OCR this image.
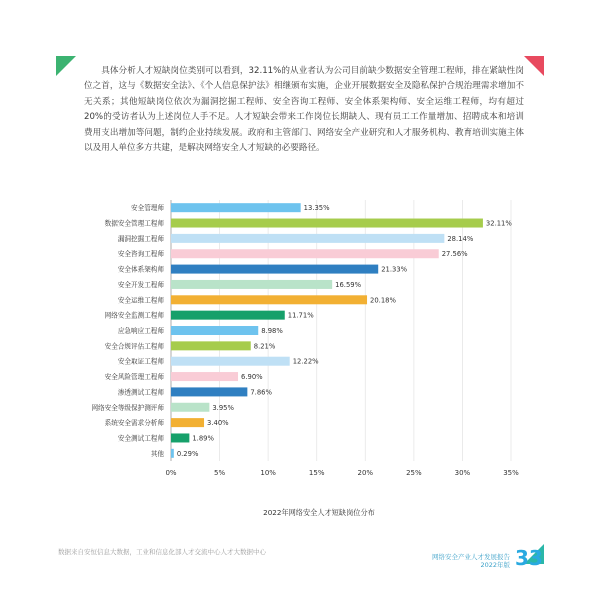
具体分析人才短缺岗位类别可以看到，32.11%的从业者认为公司目前缺少数据安全管理工程师，排在紧缺性岗位之首，这与《数据安全法》、《个人信息保护法》相继颁布实施，企业开展数据安全及隐私保护合规治理需求增加不无关系；其他短缺岗位依次为漏洞挖掘工程师、安全咨询工程师、安全体系架构师、安全运维工程师，均有超过20%的受访者认为上述岗位人手不足。人才短缺会带来工作岗位长期缺人、现有员工工作量增加、招聘成本和培训费用支出增加等问题，制约企业持续发展。政府和主管部门、网络安全产业研究和人才服务机构、教育培训实施主体以及用人单位多方共建，是解决网络安全人才短缺的必要路径。
安全管理师	13.35%
数据安全管理工程师	32.11%
漏洞挖掘工程师	28.14%
安全咨询工程师	27.56%
安全体系架构师	21.33%
安全开发工程师	16.59%
安全运维工程师	20.18%
网络安全监测工程师	11.71%
应急响应工程师	8.98%
安全合规评估工程师	8.21%
安全取证工程师	12.22%
安全风险管理工程师	6.90%
渗透测试工程师	7.86%
网络安全等级保护测评师	3.95%
系统安全需求分析师	3.40%
安全测试工程师	1.89%
其他 0.29%
0%	5%	10%	15%	20%	25%	30%	35%
2022年网络安全人才短缺岗位分布
数据来自安恒信息大数据，工业和信息化部人才交流中心人才大数据中心
网络安全产业人才发展报告
2022年版 33
